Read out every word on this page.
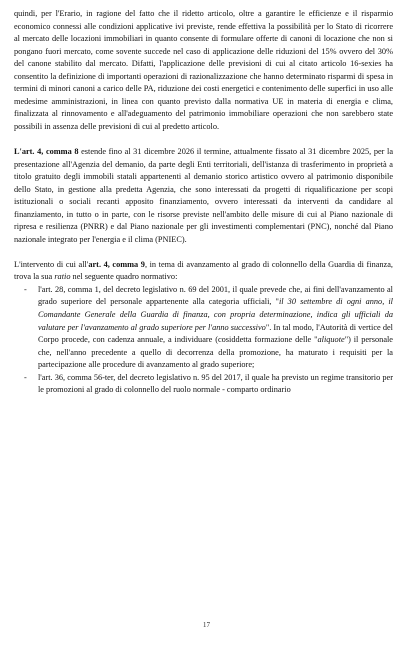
quindi, per l'Erario, in ragione del fatto che il ridetto articolo, oltre a garantire le efficienze e il risparmio economico connessi alle condizioni applicative ivi previste, rende effettiva la possibilità per lo Stato di ricorrere al mercato delle locazioni immobiliari in quanto consente di formulare offerte di canoni di locazione che non si pongano fuori mercato, come sovente succede nel caso di applicazione delle riduzioni del 15% ovvero del 30% del canone stabilito dal mercato. Difatti, l'applicazione delle previsioni di cui al citato articolo 16-sexies ha consentito la definizione di importanti operazioni di razionalizzazione che hanno determinato risparmi di spesa in termini di minori canoni a carico delle PA, riduzione dei costi energetici e contenimento delle superfici in uso alle medesime amministrazioni, in linea con quanto previsto dalla normativa UE in materia di energia e clima, finalizzata al rinnovamento e all'adeguamento del patrimonio immobiliare operazioni che non sarebbero state possibili in assenza delle previsioni di cui al predetto articolo.

L'art. 4, comma 8 estende fino al 31 dicembre 2026 il termine, attualmente fissato al 31 dicembre 2025, per la presentazione all'Agenzia del demanio, da parte degli Enti territoriali, dell'istanza di trasferimento in proprietà a titolo gratuito degli immobili statali appartenenti al demanio storico artistico ovvero al patrimonio disponibile dello Stato, in gestione alla predetta Agenzia, che sono interessati da progetti di riqualificazione per scopi istituzionali o sociali recanti apposito finanziamento, ovvero interessati da interventi da candidare al finanziamento, in tutto o in parte, con le risorse previste nell'ambito delle misure di cui al Piano nazionale di ripresa e resilienza (PNRR) e dal Piano nazionale per gli investimenti complementari (PNC), nonché dal Piano nazionale integrato per l'energia e il clima (PNIEC).

L'intervento di cui all'art. 4, comma 9, in tema di avanzamento al grado di colonnello della Guardia di finanza, trova la sua ratio nel seguente quadro normativo:

- l'art. 28, comma 1, del decreto legislativo n. 69 del 2001, il quale prevede che, ai fini dell'avanzamento al grado superiore del personale appartenente alla categoria ufficiali, "il 30 settembre di ogni anno, il Comandante Generale della Guardia di finanza, con propria determinazione, indica gli ufficiali da valutare per l'avanzamento al grado superiore per l'anno successivo". In tal modo, l'Autorità di vertice del Corpo procede, con cadenza annuale, a individuare (cosiddetta formazione delle "aliquote") il personale che, nell'anno precedente a quello di decorrenza della promozione, ha maturato i requisiti per la partecipazione alle procedure di avanzamento al grado superiore;
- l'art. 36, comma 56-ter, del decreto legislativo n. 95 del 2017, il quale ha previsto un regime transitorio per le promozioni al grado di colonnello del ruolo normale - comparto ordinario
17
